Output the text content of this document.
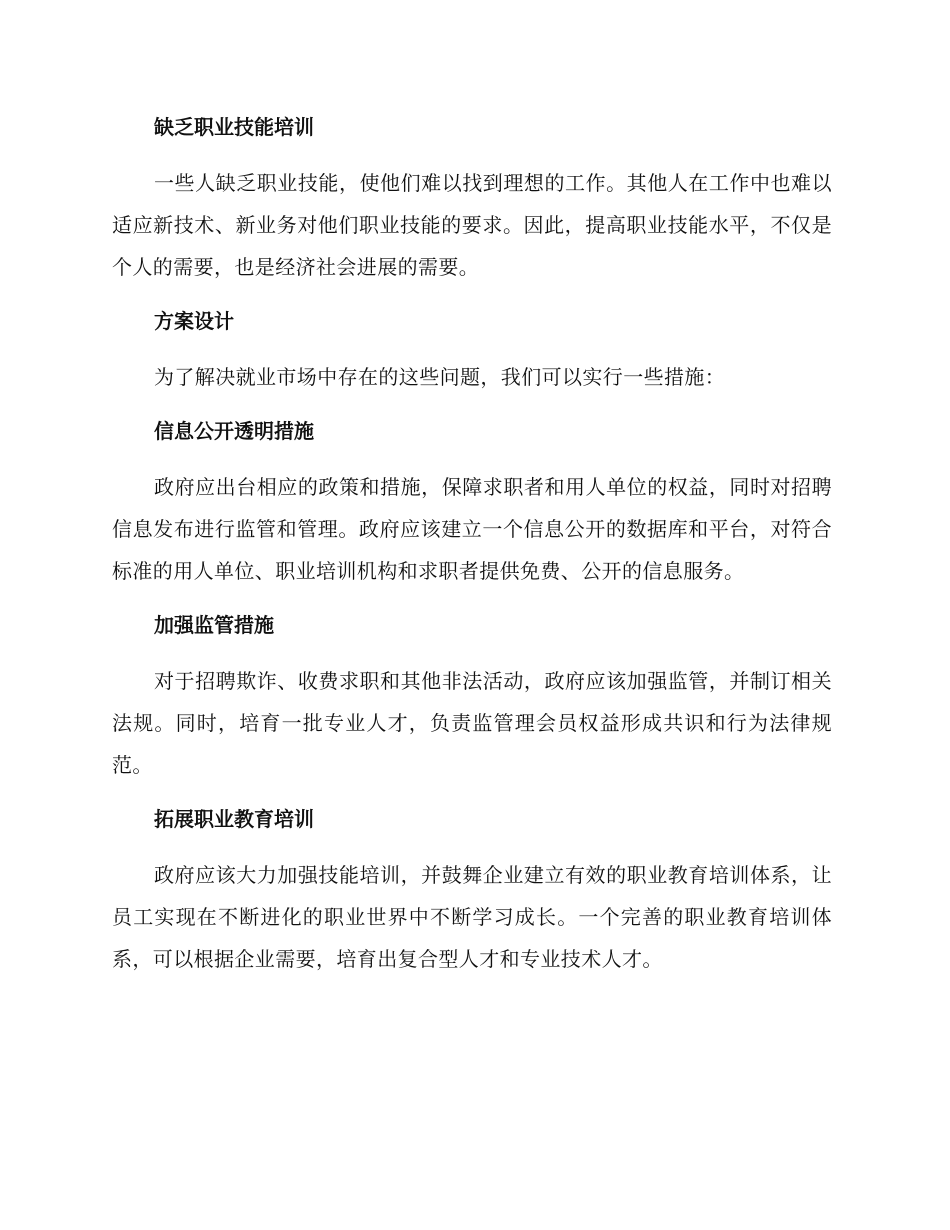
缺乏职业技能培训

一些人缺乏职业技能，使他们难以找到理想的工作。其他人在工作中也难以适应新技术、新业务对他们职业技能的要求。因此，提高职业技能水平，不仅是个人的需要，也是经济社会进展的需要。

方案设计

为了解决就业市场中存在的这些问题，我们可以实行一些措施：

信息公开透明措施

政府应出台相应的政策和措施，保障求职者和用人单位的权益，同时对招聘信息发布进行监管和管理。政府应该建立一个信息公开的数据库和平台，对符合标准的用人单位、职业培训机构和求职者提供免费、公开的信息服务。

加强监管措施

对于招聘欺诈、收费求职和其他非法活动，政府应该加强监管，并制订相关法规。同时，培育一批专业人才，负责监管理会员权益形成共识和行为法律规范。

拓展职业教育培训

政府应该大力加强技能培训，并鼓舞企业建立有效的职业教育培训体系，让员工实现在不断进化的职业世界中不断学习成长。一个完善的职业教育培训体系，可以根据企业需要，培育出复合型人才和专业技术人才。
